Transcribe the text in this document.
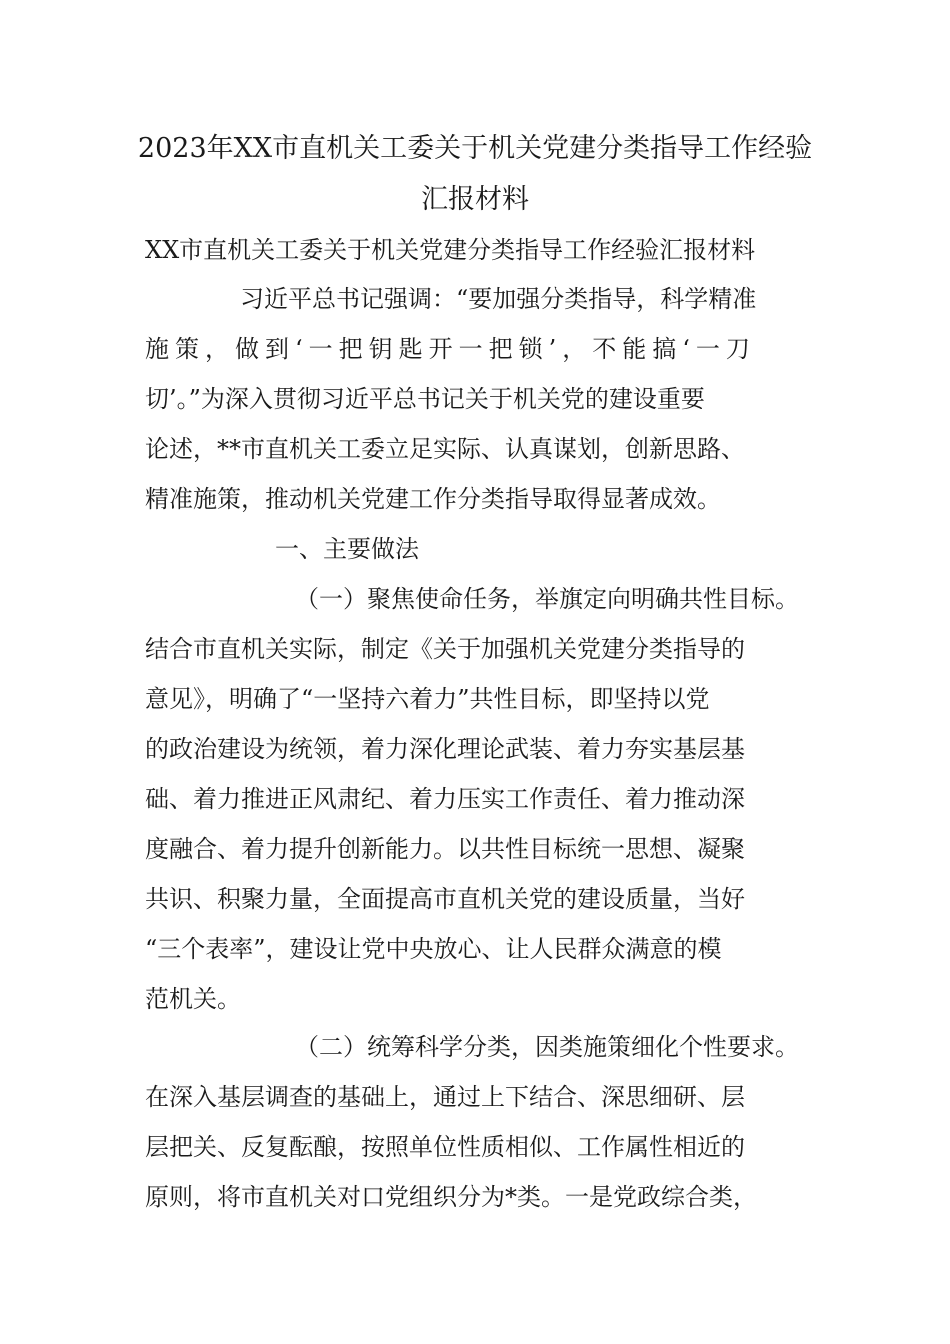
2023年XX市直机关工委关于机关党建分类指导工作经验
汇报材料
XX市直机关工委关于机关党建分类指导工作经验汇报材料
习近平总书记强调：“要加强分类指导，科学精准
施策，做到‘一把钥匙开一把锁’，不能搞‘一刀
切’。”为深入贯彻习近平总书记关于机关党的建设重要
论述，**市直机关工委立足实际、认真谋划，创新思路、
精准施策，推动机关党建工作分类指导取得显著成效。
一、主要做法
（一）聚焦使命任务，举旗定向明确共性目标。
结合市直机关实际，制定《关于加强机关党建分类指导的
意见》，明确了“一坚持六着力”共性目标，即坚持以党
的政治建设为统领，着力深化理论武装、着力夯实基层基
础、着力推进正风肃纪、着力压实工作责任、着力推动深
度融合、着力提升创新能力。以共性目标统一思想、凝聚
共识、积聚力量，全面提高市直机关党的建设质量，当好
“三个表率”，建设让党中央放心、让人民群众满意的模
范机关。
（二）统筹科学分类，因类施策细化个性要求。
在深入基层调查的基础上，通过上下结合、深思细研、层
层把关、反复酝酿，按照单位性质相似、工作属性相近的
原则，将市直机关对口党组织分为*类。一是党政综合类，
